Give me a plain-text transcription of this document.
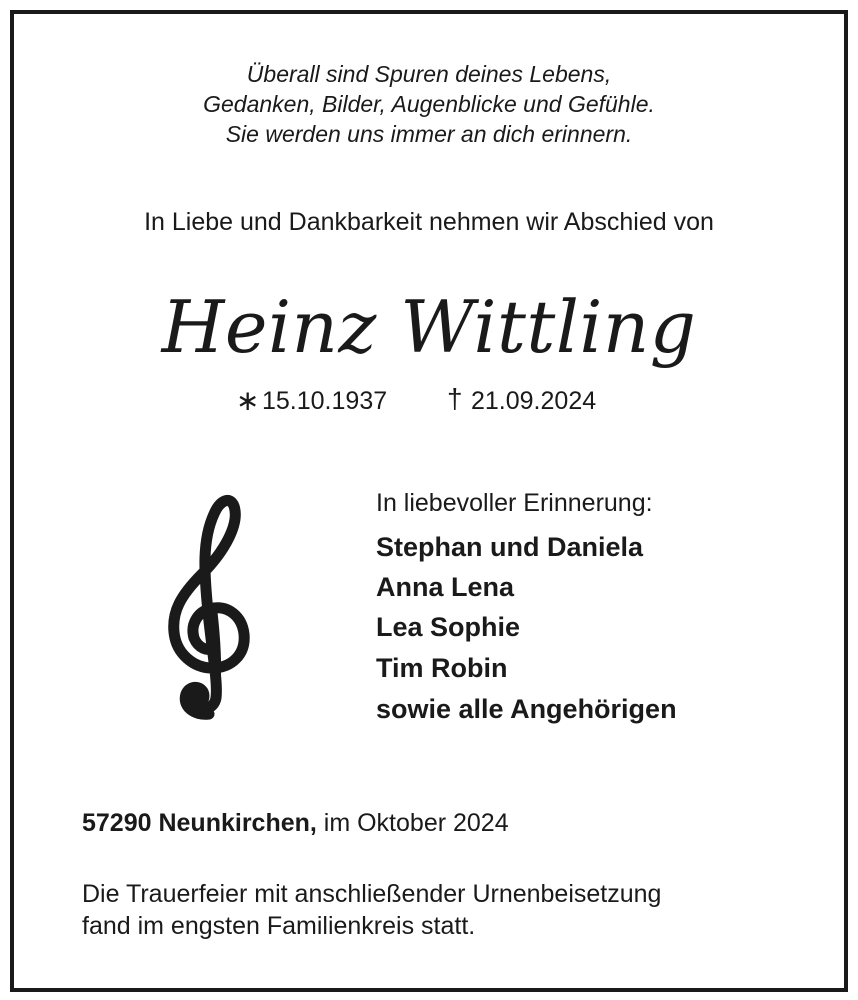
Überall sind Spuren deines Lebens,
Gedanken, Bilder, Augenblicke und Gefühle.
Sie werden uns immer an dich erinnern.
In Liebe und Dankbarkeit nehmen wir Abschied von
Heinz Wittling
∗ 15.10.1937 † 21.09.2024
In liebevoller Erinnerung:
Stephan und Daniela
Anna Lena
Lea Sophie
Tim Robin
sowie alle Angehörigen
57290 Neunkirchen, im Oktober 2024
Die Trauerfeier mit anschließender Urnenbeisetzung
fand im engsten Familienkreis statt.
